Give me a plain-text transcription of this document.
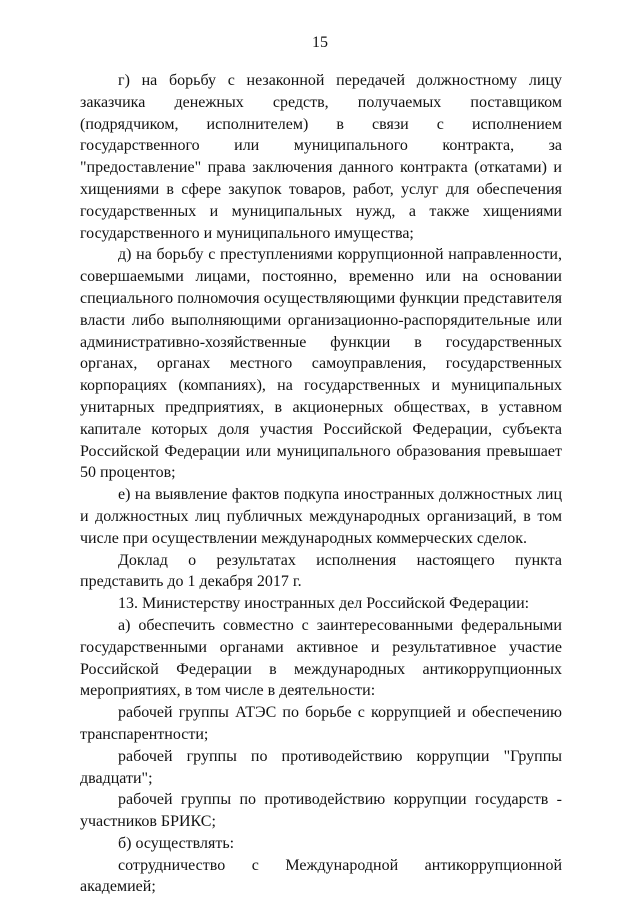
15

г) на борьбу с незаконной передачей должностному лицу заказчика денежных средств, получаемых поставщиком (подрядчиком, исполнителем) в связи с исполнением государственного или муниципального контракта, за "предоставление" права заключения данного контракта (откатами) и хищениями в сфере закупок товаров, работ, услуг для обеспечения государственных и муниципальных нужд, а также хищениями государственного и муниципального имущества;

д) на борьбу с преступлениями коррупционной направленности, совершаемыми лицами, постоянно, временно или на основании специального полномочия осуществляющими функции представителя власти либо выполняющими организационно-распорядительные или административно-хозяйственные функции в государственных органах, органах местного самоуправления, государственных корпорациях (компаниях), на государственных и муниципальных унитарных предприятиях, в акционерных обществах, в уставном капитале которых доля участия Российской Федерации, субъекта Российской Федерации или муниципального образования превышает 50 процентов;

е) на выявление фактов подкупа иностранных должностных лиц и должностных лиц публичных международных организаций, в том числе при осуществлении международных коммерческих сделок.

Доклад о результатах исполнения настоящего пункта представить до 1 декабря 2017 г.

13. Министерству иностранных дел Российской Федерации:

а) обеспечить совместно с заинтересованными федеральными государственными органами активное и результативное участие Российской Федерации в международных антикоррупционных мероприятиях, в том числе в деятельности:

рабочей группы АТЭС по борьбе с коррупцией и обеспечению транспарентности;

рабочей группы по противодействию коррупции "Группы двадцати";

рабочей группы по противодействию коррупции государств - участников БРИКС;

б) осуществлять:

сотрудничество с Международной антикоррупционной академией;
